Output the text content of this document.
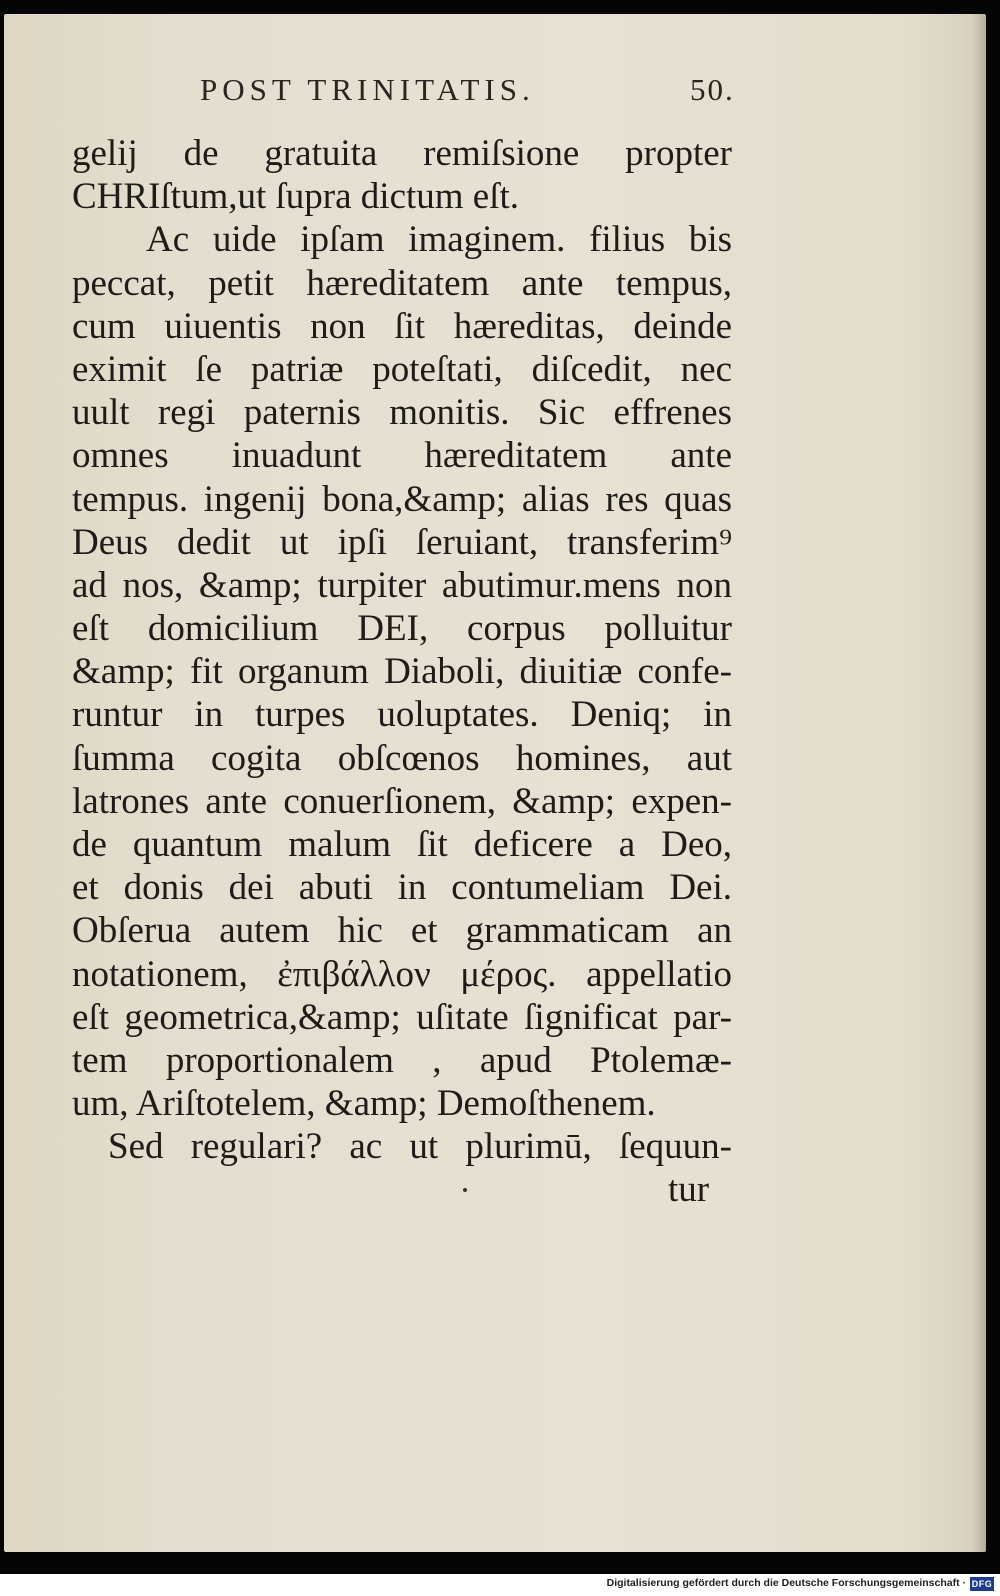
POST TRINITATIS.	50.
gelij de gratuita remiſsione propter
CHRIſtum,ut ſupra dictum eſt.
Ac uide ipſam imaginem. filius bis
peccat, petit hæreditatem ante tempus,
cum uiuentis non ſit hæreditas, deinde
eximit ſe patriæ poteſtati, diſcedit, nec
uult regi paternis monitis. Sic effrenes
omnes inuadunt hæreditatem ante
tempus. ingenij bona,&amp; alias res quas
Deus dedit ut ipſi ſeruiant, transferim⁹
ad nos, &amp; turpiter abutimur.mens non
eſt domicilium DEI, corpus polluitur
&amp; fit organum Diaboli, diuitiæ confe-
runtur in turpes uoluptates. Deniq; in
ſumma cogita obſcœnos homines, aut
latrones ante conuerſionem, &amp; expen-
de quantum malum ſit deficere a Deo,
et donis dei abuti in contumeliam Dei.
Obſerua autem hic et grammaticam an
notationem, ἐπιβάλλον μέρος. appellatio
eſt geometrica,&amp; uſitate ſignificat par-
tem proportionalem , apud Ptolemæ-
um, Ariſtotelem, &amp; Demoſthenem.
Sed regulari? ac ut plurimū, ſequun-
tur
Digitalisierung gefördert durch die Deutsche Forschungsgemeinschaft · DFG
